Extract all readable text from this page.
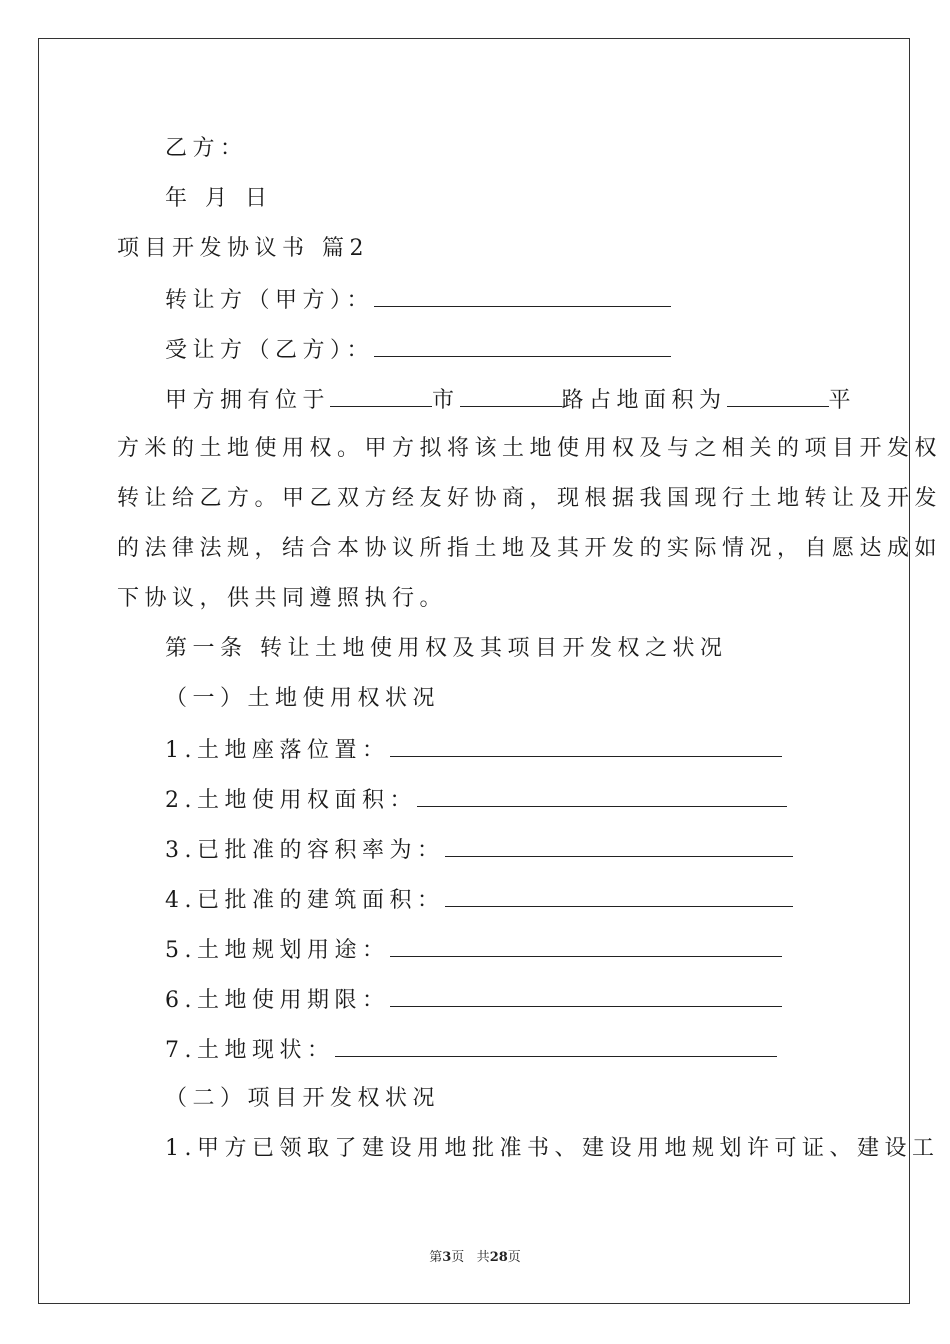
乙方：
年 月 日
项目开发协议书 篇2
转让方（甲方）：
受让方（乙方）：
甲方拥有位于	市	路占地面积为	平
方米的土地使用权。甲方拟将该土地使用权及与之相关的项目开发权
转让给乙方。甲乙双方经友好协商，现根据我国现行土地转让及开发
的法律法规，结合本协议所指土地及其开发的实际情况，自愿达成如
下协议，供共同遵照执行。
第一条 转让土地使用权及其项目开发权之状况
（一）土地使用权状况
1.土地座落位置：
2.土地使用权面积：
3.已批准的容积率为：
4.已批准的建筑面积：
5.土地规划用途：
6.土地使用期限：
7.土地现状：
（二）项目开发权状况
1.甲方已领取了建设用地批准书、建设用地规划许可证、建设工
第3页 共28页
